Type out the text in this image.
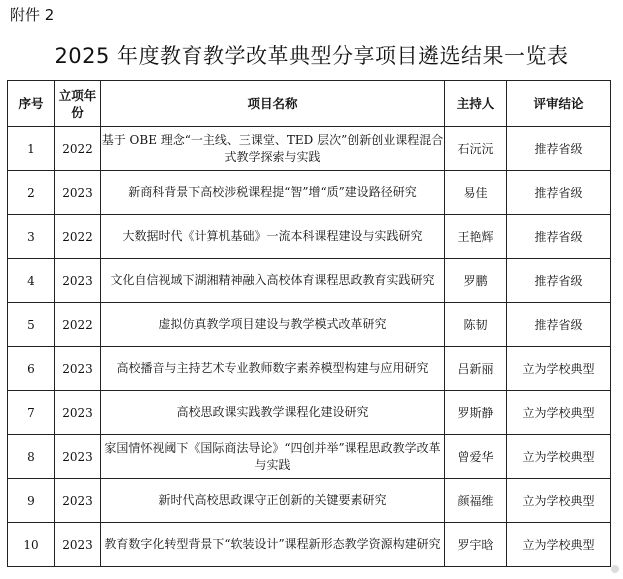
附件 2
2025 年度教育教学改革典型分享项目遴选结果一览表
序号	立项年份	项目名称	主持人	评审结论
1	2022	基于 OBE 理念“一主线、三课堂、TED 层次”创新创业课程混合式教学探索与实践	石沅沅	推荐省级
2	2023	新商科背景下高校涉税课程提“智”增“质”建设路径研究	易佳	推荐省级
3	2022	大数据时代《计算机基础》一流本科课程建设与实践研究	王艳辉	推荐省级
4	2023	文化自信视域下湖湘精神融入高校体育课程思政教育实践研究	罗鹏	推荐省级
5	2022	虚拟仿真教学项目建设与教学模式改革研究	陈韧	推荐省级
6	2023	高校播音与主持艺术专业教师数字素养模型构建与应用研究	吕新丽	立为学校典型
7	2023	高校思政课实践教学课程化建设研究	罗斯静	立为学校典型
8	2023	家国情怀视阈下《国际商法导论》“四创并举”课程思政教学改革与实践	曾爱华	立为学校典型
9	2023	新时代高校思政课守正创新的关键要素研究	颜福维	立为学校典型
10	2023	教育数字化转型背景下“软装设计”课程新形态教学资源构建研究	罗宇晗	立为学校典型
